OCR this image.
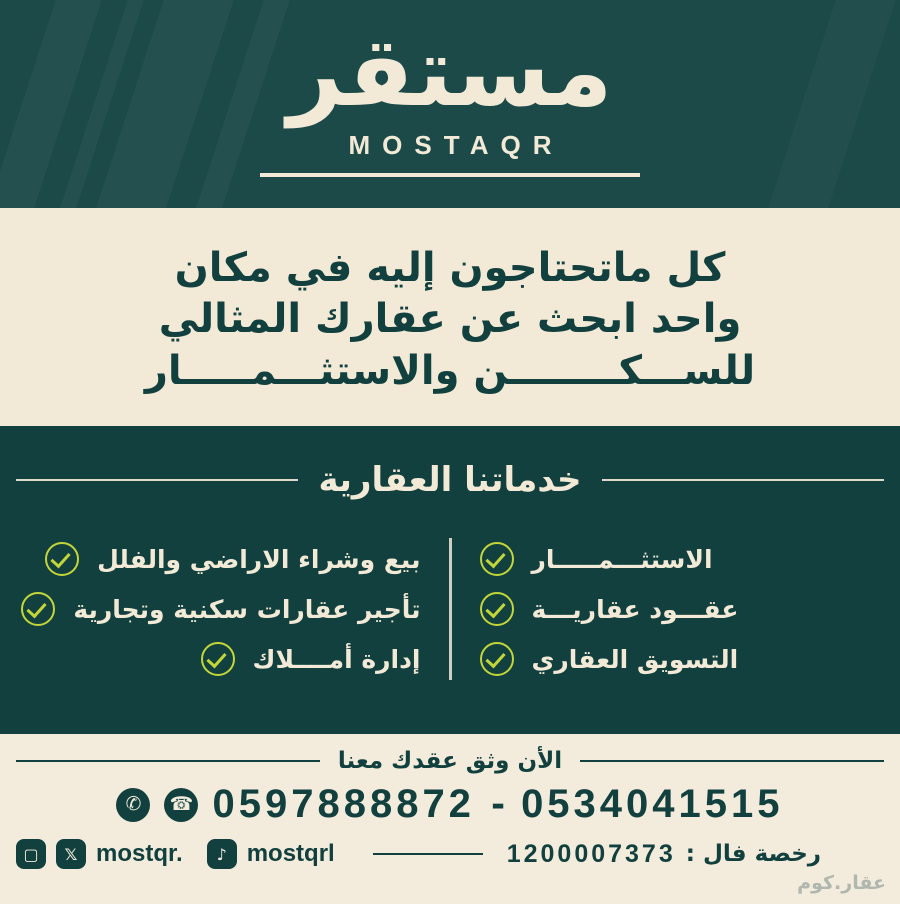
مستقر
MOSTAQR
كل ماتحتاجون إليه في مكان
واحد ابحث عن عقارك المثالي
للســـكــــــــن والاستثـــمـــــار
خدماتنا العقارية
الاستثـــمـــــار
عقـــود عقاريـــة
التسويق العقاري
بيع وشراء الاراضي والفلل
تأجير عقارات سكنية وتجارية
إدارة أمــــلاك
الأن وثق عقدك معنا
✆	☎ 0597888872 - 0534041515
▢	𝕏 mostqr.	♪ mostqrl	1200007373 رخصة فال :
عقار.كوم
